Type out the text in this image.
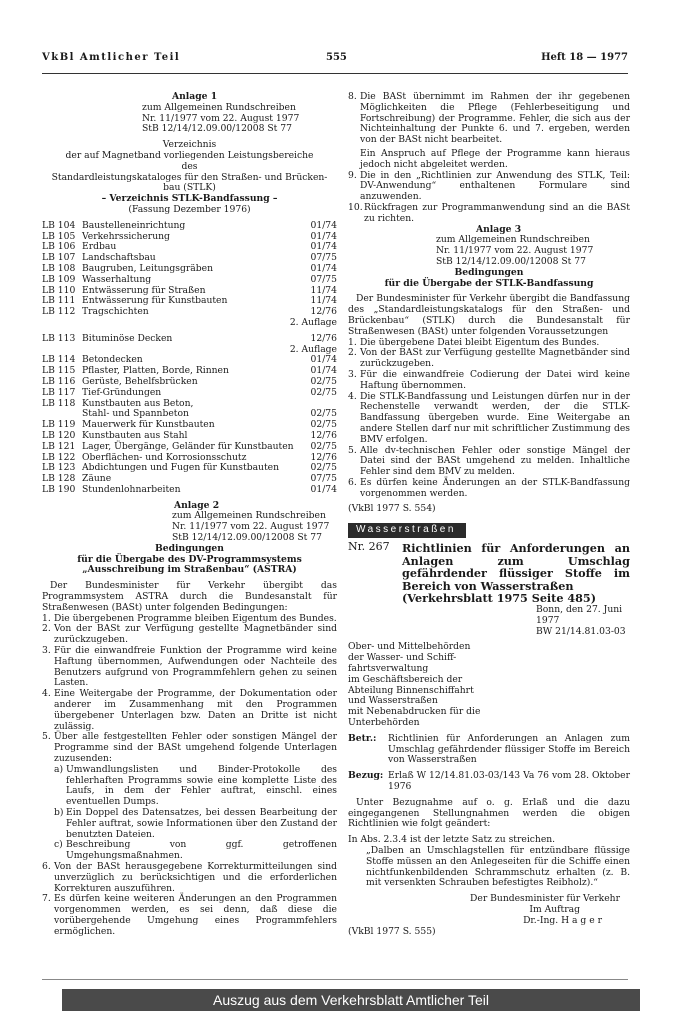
VkBl Amtlicher Teil	555	Heft 18 — 1977

Anlage 1

zum Allgemeinen Rundschreiben

Nr. 11/1977 vom 22. August 1977

StB 12/14/12.09.00/12008 St 77

Verzeichnis

der auf Magnetband vorliegenden Leistungsbereiche

des

Standardleistungskataloges für den Straßen- und Brücken-

bau (STLK)

– Verzeichnis STLK-Bandfassung –

(Fassung Dezember 1976)

LB 104 Baustelleneinrichtung	01/74
LB 105 Verkehrssicherung	01/74
LB 106 Erdbau	01/74
LB 107 Landschaftsbau	07/75
LB 108 Baugruben, Leitungsgräben	01/74
LB 109 Wasserhaltung	07/75
LB 110 Entwässerung für Straßen	11/74
LB 111 Entwässerung für Kunstbauten	11/74
LB 112 Tragschichten	12/76
2. Auflage
LB 113 Bituminöse Decken	12/76
2. Auflage
LB 114 Betondecken	01/74
LB 115 Pflaster, Platten, Borde, Rinnen	01/74
LB 116 Gerüste, Behelfsbrücken	02/75
LB 117 Tief-Gründungen	02/75
LB 118 Kunstbauten aus Beton,
Stahl- und Spannbeton	02/75
LB 119 Mauerwerk für Kunstbauten	02/75
LB 120 Kunstbauten aus Stahl	12/76
LB 121 Lager, Übergänge, Geländer für Kunstbauten	02/75
LB 122 Oberflächen- und Korrosionsschutz	12/76
LB 123 Abdichtungen und Fugen für Kunstbauten	02/75
LB 128 Zäune	07/75
LB 190 Stundenlohnarbeiten	01/74

Anlage 2

zum Allgemeinen Rundschreiben

Nr. 11/1977 vom 22. August 1977

StB 12/14/12.09.00/12008 St 77

Bedingungen

für die Übergabe des DV-Programmsystems

„Ausschreibung im Straßenbau“ (ASTRA)

Der Bundesminister für Verkehr übergibt das Programmsystem ASTRA durch die Bundesanstalt für Straßenwesen (BASt) unter folgenden Bedingungen:

1. Die übergebenen Programme bleiben Eigentum des Bundes.
2. Von der BASt zur Verfügung gestellte Magnetbänder sind zurückzugeben.
3. Für die einwandfreie Funktion der Programme wird keine Haftung übernommen, Aufwendungen oder Nachteile des Benutzers aufgrund von Programmfehlern gehen zu seinen Lasten.
4. Eine Weitergabe der Programme, der Dokumentation oder anderer im Zusammenhang mit den Programmen übergebener Unterlagen bzw. Daten an Dritte ist nicht zulässig.
5. Über alle festgestellten Fehler oder sonstigen Mängel der Programme sind der BASt umgehend folgende Unterlagen zuzusenden:
a) Umwandlungslisten und Binder-Protokolle des fehlerhaften Programms sowie eine komplette Liste des Laufs, in dem der Fehler auftrat, einschl. eines eventuellen Dumps.
b) Ein Doppel des Datensatzes, bei dessen Bearbeitung der Fehler auftrat, sowie Informationen über den Zustand der benutzten Dateien.
c) Beschreibung von ggf. getroffenen Umgehungsmaßnahmen.
6. Von der BASt herausgegebene Korrekturmitteilungen sind unverzüglich zu berücksichtigen und die erforderlichen Korrekturen auszuführen.
7. Es dürfen keine weiteren Änderungen an den Programmen vorgenommen werden, es sei denn, daß diese die vorübergehende Umgehung eines Programmfehlers ermöglichen.
8. Die BASt übernimmt im Rahmen der ihr gegebenen Möglichkeiten die Pflege (Fehlerbeseitigung und Fortschreibung) der Programme. Fehler, die sich aus der Nichteinhaltung der Punkte 6. und 7. ergeben, werden von der BASt nicht bearbeitet.
Ein Anspruch auf Pflege der Programme kann hieraus jedoch nicht abgeleitet werden.
9. Die in den „Richtlinien zur Anwendung des STLK, Teil: DV-Anwendung“ enthaltenen Formulare sind anzuwenden.
10. Rückfragen zur Programmanwendung sind an die BASt zu richten.

Anlage 3

zum Allgemeinen Rundschreiben

Nr. 11/1977 vom 22. August 1977

StB 12/14/12.09.00/12008 St 77

Bedingungen

für die Übergabe der STLK-Bandfassung

Der Bundesminister für Verkehr übergibt die Bandfassung des „Standardleistungskatalogs für den Straßen- und Brückenbau“ (STLK) durch die Bundesanstalt für Straßenwesen (BASt) unter folgenden Voraussetzungen

1. Die übergebene Datei bleibt Eigentum des Bundes.
2. Von der BASt zur Verfügung gestellte Magnetbänder sind zurückzugeben.
3. Für die einwandfreie Codierung der Datei wird keine Haftung übernommen.
4. Die STLK-Bandfassung und Leistungen dürfen nur in der Rechenstelle verwandt werden, der die STLK-Bandfassung übergeben wurde. Eine Weitergabe an andere Stellen darf nur mit schriftlicher Zustimmung des BMV erfolgen.
5. Alle dv-technischen Fehler oder sonstige Mängel der Datei sind der BASt umgehend zu melden. Inhaltliche Fehler sind dem BMV zu melden.
6. Es dürfen keine Änderungen an der STLK-Bandfassung vorgenommen werden.

(VkBl 1977 S. 554)

Wasserstraßen
Nr. 267	Richtlinien für Anforderungen an Anlagen zum Umschlag gefährdender flüssiger Stoffe im Bereich von Wasserstraßen
(Verkehrsblatt 1975 Seite 485)

Bonn, den 27. Juni 1977

BW 21/14.81.03-03

Ober- und Mittelbehörden

der Wasser- und Schiff-

fahrtsverwaltung

im Geschäftsbereich der

Abteilung Binnenschiffahrt

und Wasserstraßen

mit Nebenabdrucken für die

Unterbehörden

Betr.:	Richtlinien für Anforderungen an Anlagen zum Umschlag gefährdender flüssiger Stoffe im Bereich von Wasserstraßen
Bezug: Erlaß W 12/14.81.03-03/143 Va 76 vom 28. Oktober 1976

Unter Bezugnahme auf o. g. Erlaß und die dazu eingegangenen Stellungnahmen werden die obigen Richtlinien wie folgt geändert:

In Abs. 2.3.4 ist der letzte Satz zu streichen.

„Dalben an Umschlagstellen für entzündbare flüssige Stoffe müssen an den Anlegeseiten für die Schiffe einen nichtfunkenbildenden Schrammschutz erhalten (z. B. mit versenkten Schrauben befestigtes Reibholz).“

Der Bundesminister für Verkehr

Im Auftrag

Dr.-Ing. H a g e r

(VkBl 1977 S. 555)

Auszug aus dem Verkehrsblatt Amtlicher Teil
